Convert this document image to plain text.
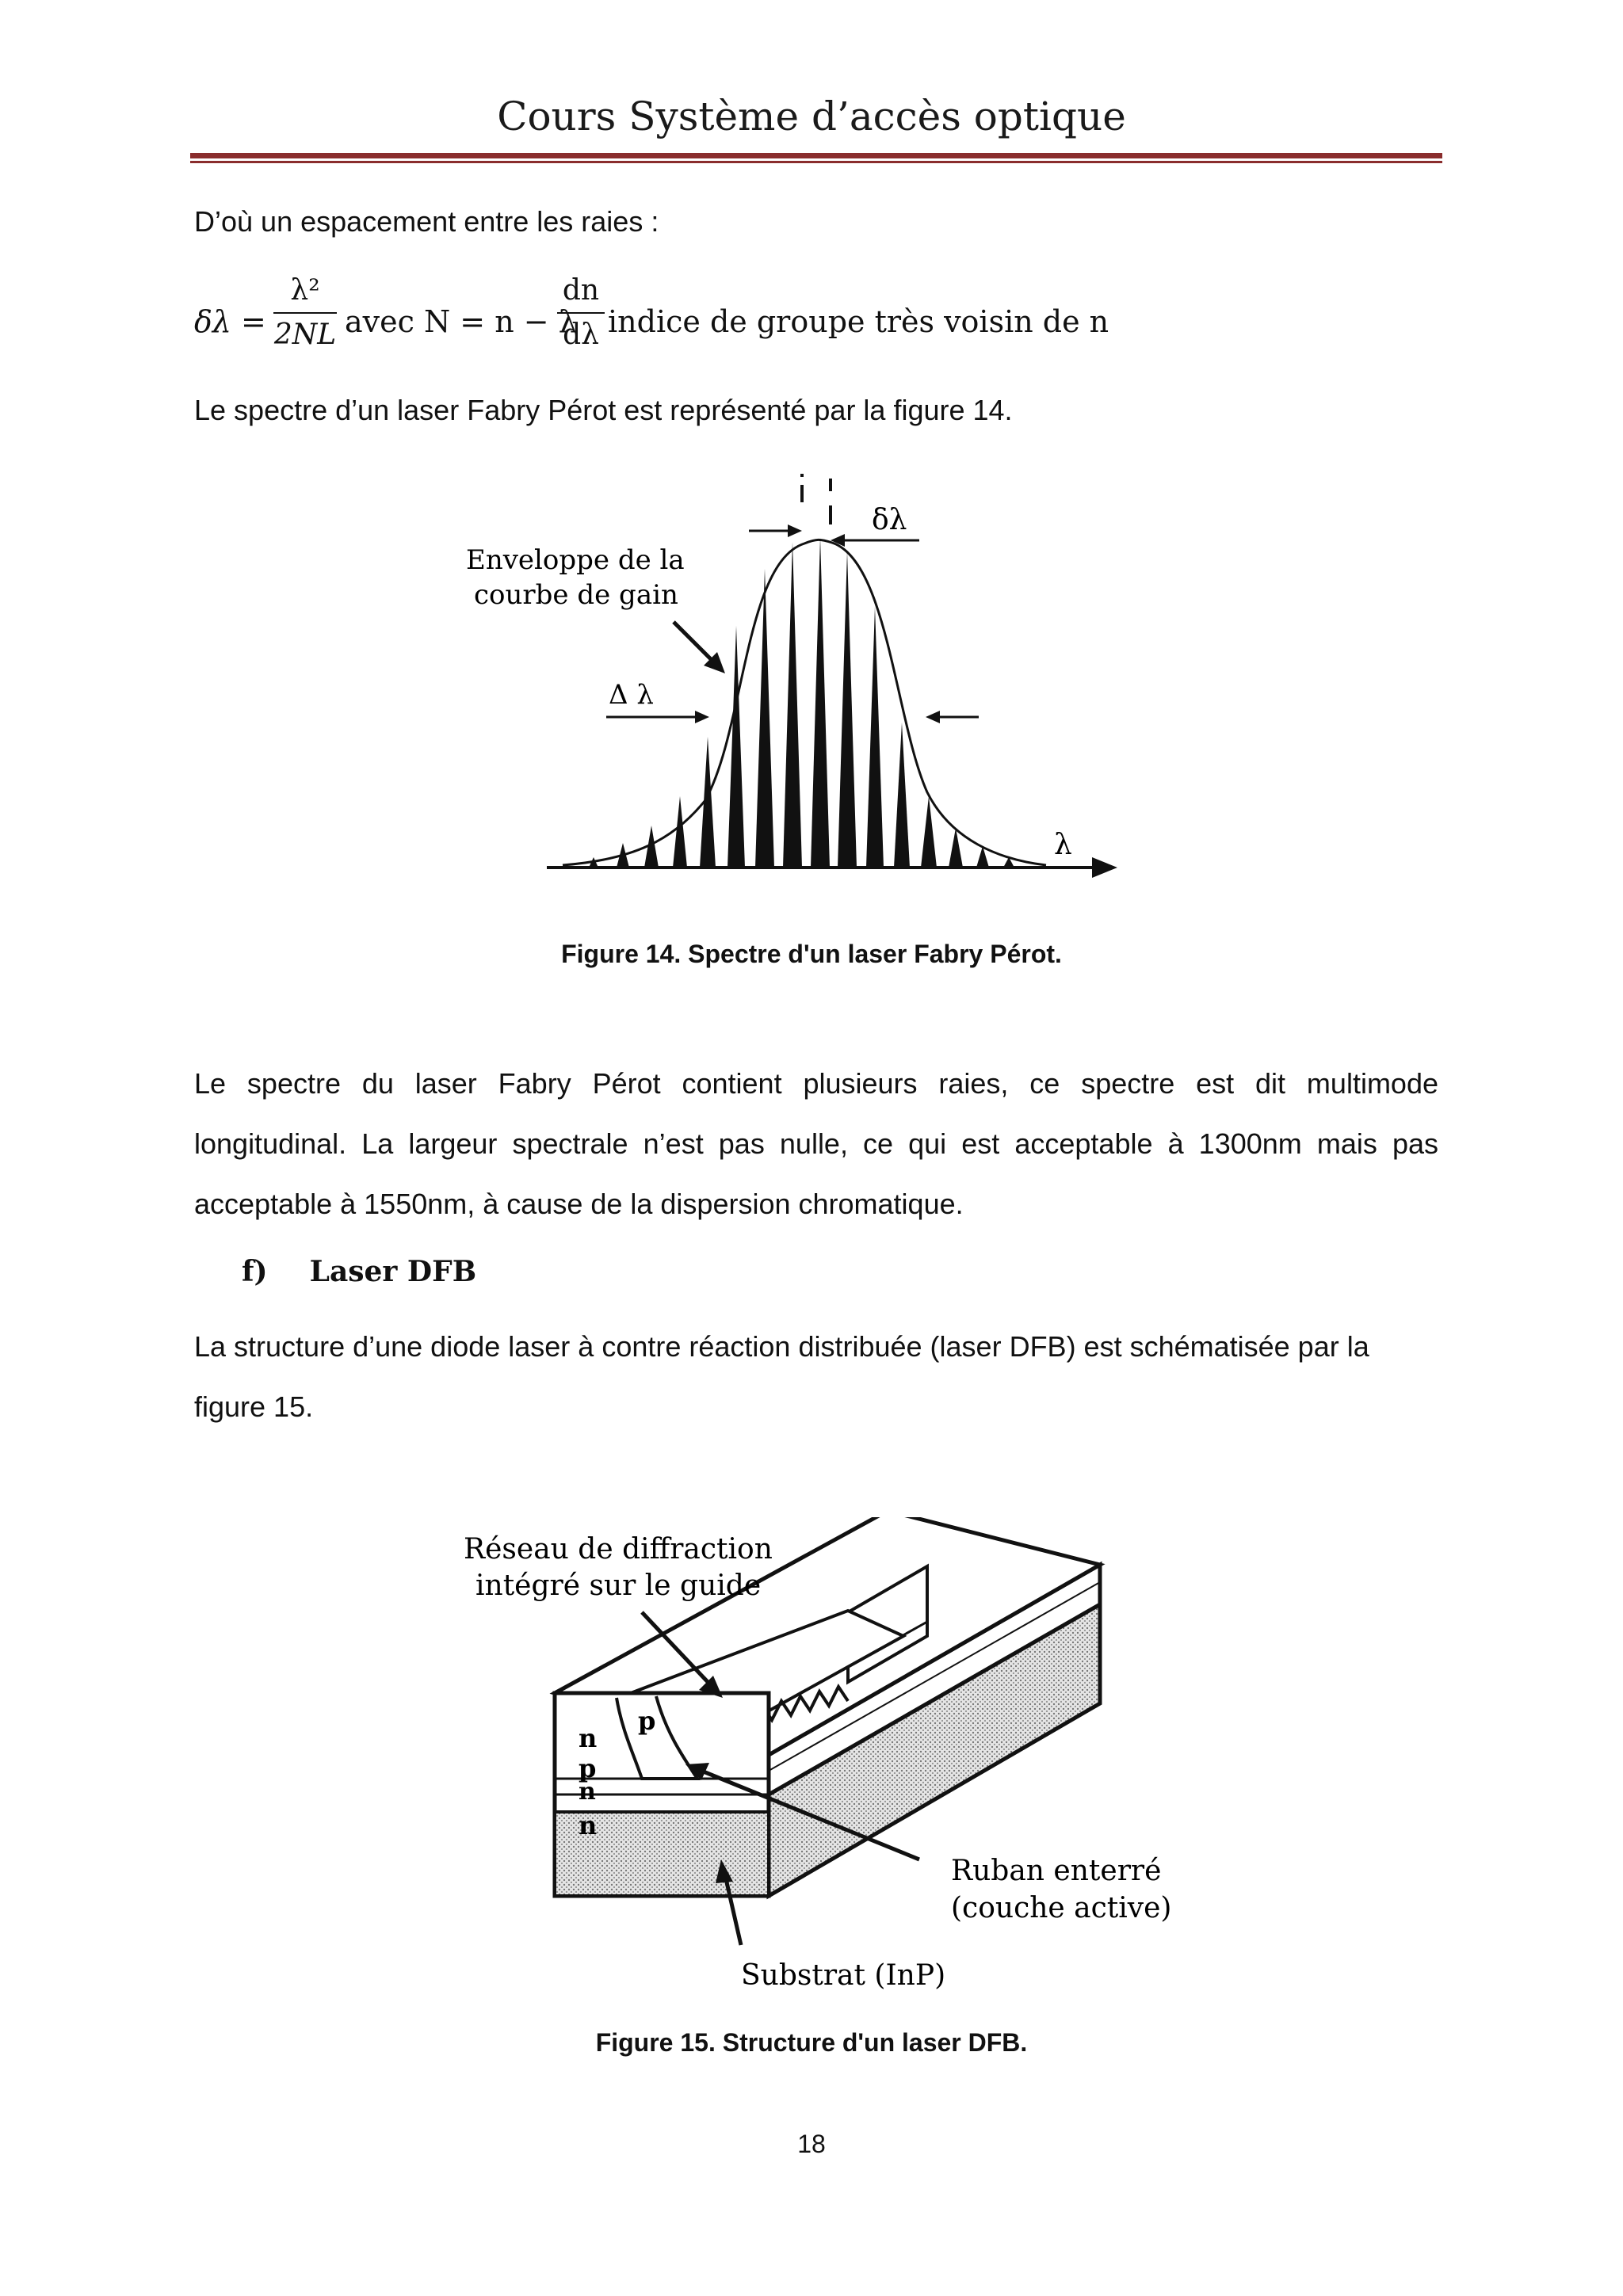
Cours Système d’accès optique
D’où un espacement entre les raies :
δλ =
λ²
2NL avec N = n − λ
dn
dλ indice de groupe très voisin de n
Le spectre d’un laser Fabry Pérot est représenté par la figure 14.
δλ
Enveloppe de la
courbe de gain
Δ λ
λ
Figure 14. Spectre d'un laser Fabry Pérot.
Le spectre du laser Fabry Pérot contient plusieurs raies, ce spectre est dit multimode
longitudinal. La largeur spectrale n’est pas nulle, ce qui est acceptable à 1300nm mais pas
acceptable à 1550nm, à cause de la dispersion chromatique.
f) Laser DFB
La structure d’une diode laser à contre réaction distribuée (laser DFB) est schématisée par la
figure 15.
n
p
p
n
n
Réseau de diffraction
intégré sur le guide
Ruban enterré
(couche active)
Substrat (InP)
Figure 15. Structure d'un laser DFB.
18
